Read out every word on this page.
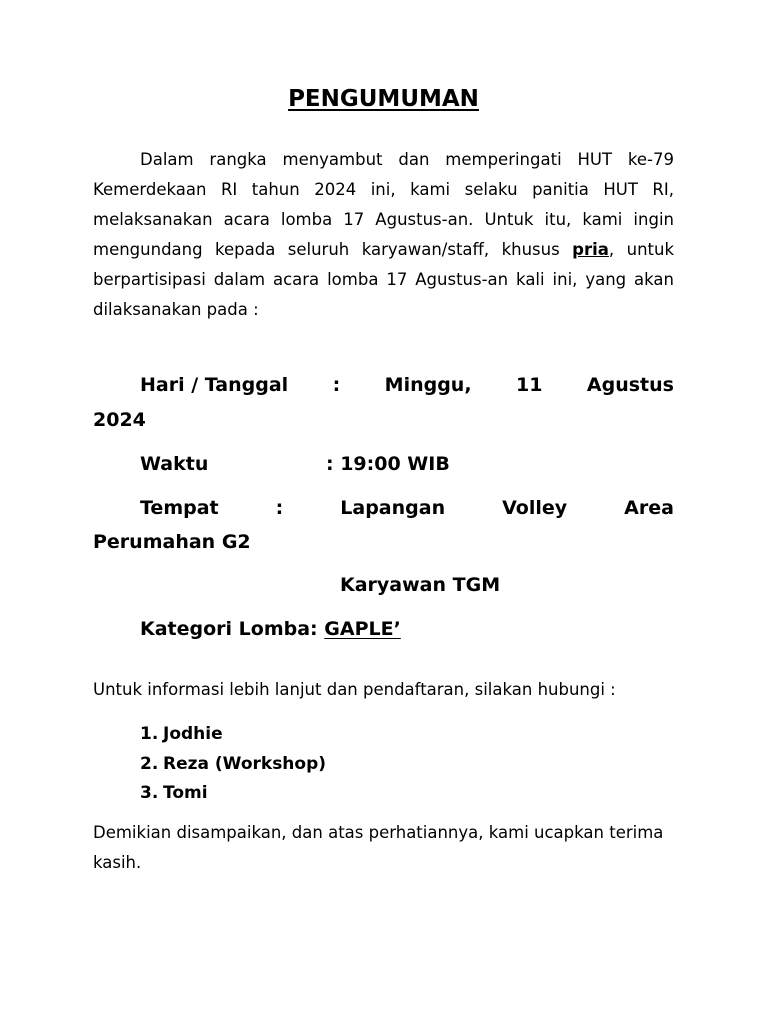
PENGUMUMAN

Dalam rangka menyambut dan memperingati HUT ke-79 Kemerdekaan RI tahun 2024 ini, kami selaku panitia HUT RI, melaksanakan acara lomba 17 Agustus-an. Untuk itu, kami ingin mengundang kepada seluruh karyawan/staff, khusus pria, untuk berpartisipasi dalam acara lomba 17 Agustus-an kali ini, yang akan dilaksanakan pada :

Hari / Tanggal : Minggu, 11 Agustus
2024
Waktu	: 19:00 WIB
Tempat	:	Lapangan	Volley	Area
Perumahan G2
Karyawan TGM
Kategori Lomba: GAPLE’
Untuk informasi lebih lanjut dan pendaftaran, silakan hubungi :
1. Jodhie
2. Reza (Workshop)
3. Tomi

Demikian disampaikan, dan atas perhatiannya, kami ucapkan terima kasih.
